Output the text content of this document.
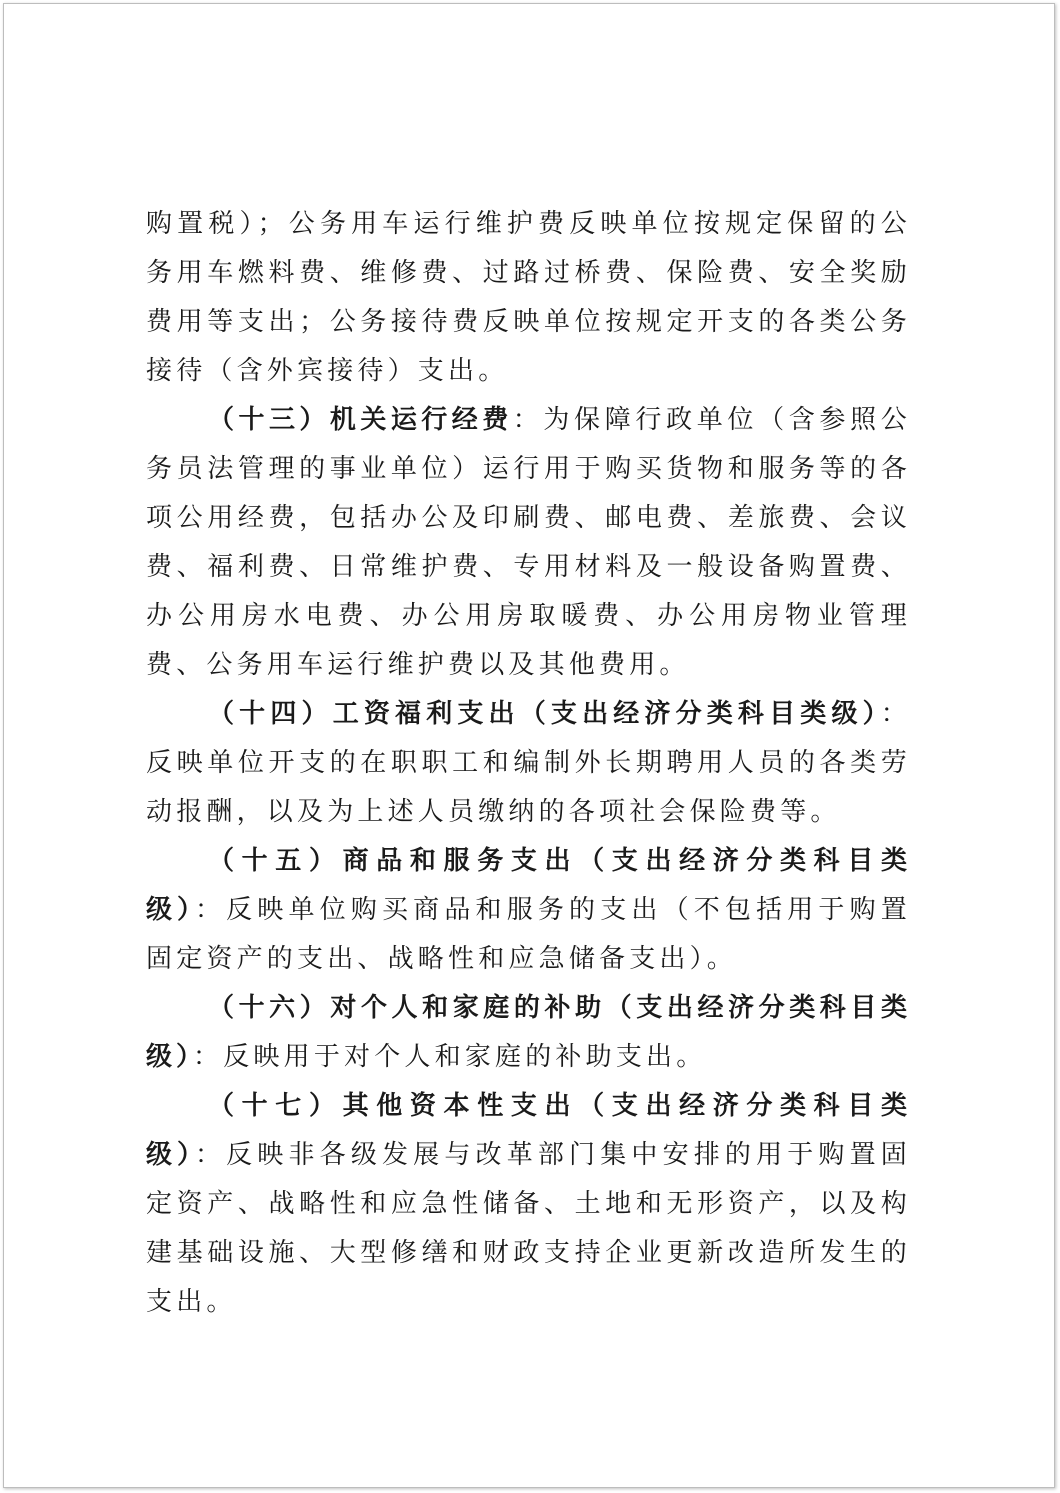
购置税）；公务用车运行维护费反映单位按规定保留的公务用车燃料费、维修费、过路过桥费、保险费、安全奖励费用等支出；公务接待费反映单位按规定开支的各类公务接待（含外宾接待）支出。

（十三）机关运行经费：为保障行政单位（含参照公务员法管理的事业单位）运行用于购买货物和服务等的各项公用经费，包括办公及印刷费、邮电费、差旅费、会议费、福利费、日常维护费、专用材料及一般设备购置费、办公用房水电费、办公用房取暖费、办公用房物业管理费、公务用车运行维护费以及其他费用。

（十四）工资福利支出（支出经济分类科目类级）：反映单位开支的在职职工和编制外长期聘用人员的各类劳动报酬，以及为上述人员缴纳的各项社会保险费等。

（十五）商品和服务支出（支出经济分类科目类级）：反映单位购买商品和服务的支出（不包括用于购置固定资产的支出、战略性和应急储备支出）。

（十六）对个人和家庭的补助（支出经济分类科目类级）：反映用于对个人和家庭的补助支出。

（十七）其他资本性支出（支出经济分类科目类级）：反映非各级发展与改革部门集中安排的用于购置固定资产、战略性和应急性储备、土地和无形资产，以及构建基础设施、大型修缮和财政支持企业更新改造所发生的支出。
